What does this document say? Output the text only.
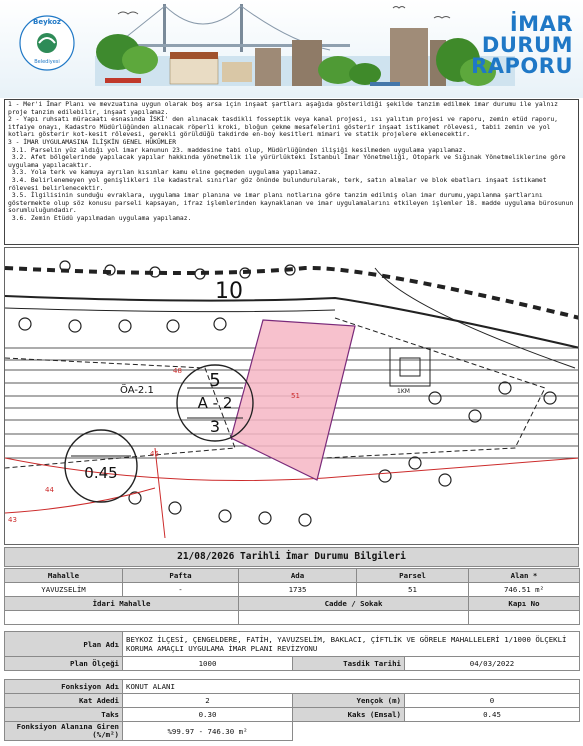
Beykoz
Belediyesi
İMAR
DURUM
RAPORU
1 - Mer'i İmar Planı ve mevzuatına uygun olarak boş arsa için inşaat şartları aşağıda gösterildiği şekilde tanzim edilmek imar durumu ile yalnız proje tanzim edilebilir, inşaat yapılamaz.
2 - Yapı ruhsatı müracaatı esnasında İSKİ' den alınacak tasdikli fosseptik veya kanal projesi, ısı yalıtım projesi ve raporu, zemin etüd raporu, itfaiye onayı, Kadastro Müdürlüğünden alınacak röperli kroki, bloğun çekme mesafelerini gösterir inşaat istikamet rölevesi, tabii zemin ve yol kotları gösterir kot-kesit rölevesi, gerekli görüldüğü takdirde en-boy kesitleri mimari ve statik projelere eklenecektir.
3 - İMAR UYGULAMASINA İLİŞKİN GENEL HÜKÜMLER
3.1. Parselin yüz aldığı yol imar kanunun 23. maddesine tabi olup, Müdürlüğünden ilişiği kesilmeden uygulama yapılamaz.
3.2. Afet bölgelerinde yapılacak yapılar hakkında yönetmelik ile yürürlükteki İstanbul İmar Yönetmeliği, Otopark ve Sığınak Yönetmeliklerine göre uygulama yapılacaktır.
3.3. Yola terk ve kamuya ayrılan kısımlar kamu eline geçmeden uygulama yapılamaz.
3.4. Belirlenemeyen yol genişlikleri ile kadastral sınırlar göz önünde bulundurularak, terk, satın almalar ve blok ebatları inşaat istikamet rölevesi belirlenecektir.
3.5. İlgilisinin sunduğu evraklara, uygulama imar planına ve imar planı notlarına göre tanzim edilmiş olan imar durumu,yapılanma şartlarını göstermekte olup söz konusu parseli kapsayan, ifraz işlemlerinden kaynaklanan ve imar uygulamalarını etkileyen işlemler 18. madde uygulama bürosunun sorumluluğundadır.
3.6. Zemin Etüdü yapılmadan uygulama yapılamaz.
1KM
5
A - 2
3
0.45
10
ÖA-2.1
48
51
45
44
43
21/08/2026 Tarihli İmar Durumu Bilgileri
Mahalle	Pafta	Ada	Parsel	Alan *
YAVUZSELİM	-	1735	51	746.51 m²
İdari Mahalle		Cadde / Sokak		Kapı No

Plan Adı	BEYKOZ İLÇESİ, ÇENGELDERE, FATİH, YAVUZSELİM, BAKLACI, ÇİFTLİK VE GÖRELE MAHALLELERİ 1/1000 ÖLÇEKLİ KORUMA AMAÇLI UYGULAMA İMAR PLANI REVİZYONU		
Plan Ölçeği	1000	Tasdik Tarihi	04/03/2022
Fonksiyon Adı	KONUT ALANI		
Kat Adedi	2	Yençok (m)	0
Taks	0.30	Kaks (Emsal)	0.45
Fonksiyon Alanına Giren (%/m²)	%99.97 - 746.30 m²		
